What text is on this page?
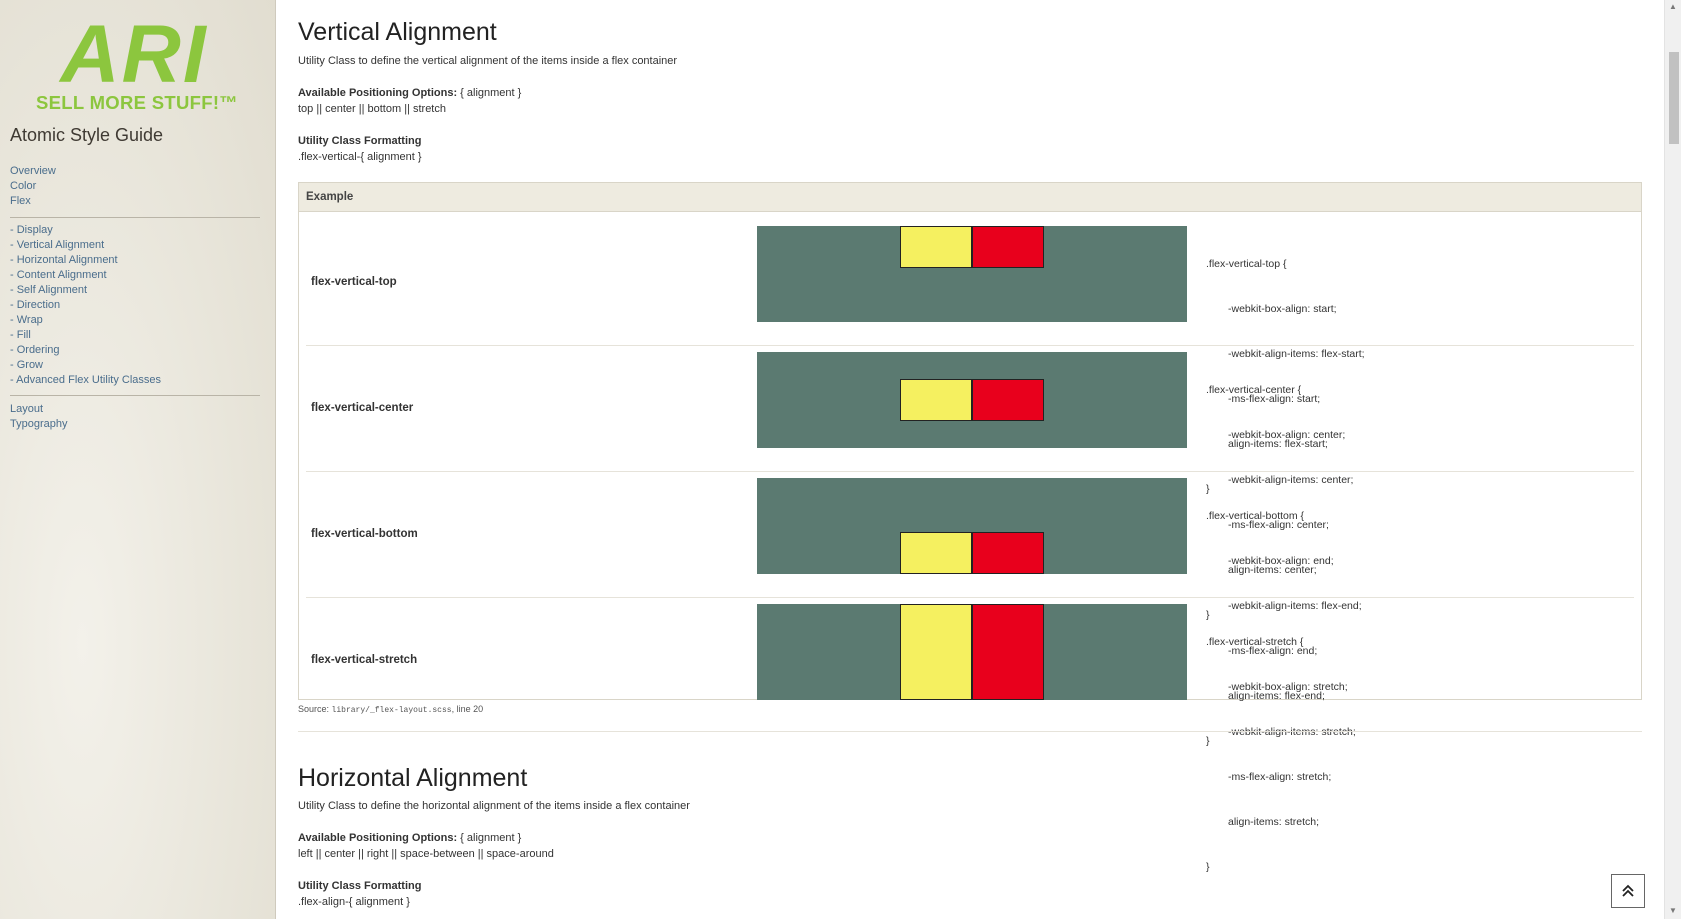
ARI
SELL MORE STUFF!™
Atomic Style Guide
Overview
Color
Flex
- Display
- Vertical Alignment
- Horizontal Alignment
- Content Alignment
- Self Alignment
- Direction
- Wrap
- Fill
- Ordering
- Grow
- Advanced Flex Utility Classes
Layout
Typography
Vertical Alignment
Utility Class to define the vertical alignment of the items inside a flex container
Available Positioning Options: { alignment }
top || center || bottom || stretch
Utility Class Formatting
.flex-vertical-{ alignment }
Example
flex-vertical-top

.flex-vertical-top {

-webkit-box-align: start;

-webkit-align-items: flex-start;

-ms-flex-align: start;

align-items: flex-start;

}

flex-vertical-center

.flex-vertical-center {

-webkit-box-align: center;

-webkit-align-items: center;

-ms-flex-align: center;

align-items: center;

}

flex-vertical-bottom

.flex-vertical-bottom {

-webkit-box-align: end;

-webkit-align-items: flex-end;

-ms-flex-align: end;

align-items: flex-end;

}

flex-vertical-stretch

.flex-vertical-stretch {

-webkit-box-align: stretch;

-webkit-align-items: stretch;

-ms-flex-align: stretch;

align-items: stretch;

}

Source: library/_flex-layout.scss, line 20
Horizontal Alignment
Utility Class to define the horizontal alignment of the items inside a flex container
Available Positioning Options: { alignment }
left || center || right || space-between || space-around
Utility Class Formatting
.flex-align-{ alignment }
▲
▼
